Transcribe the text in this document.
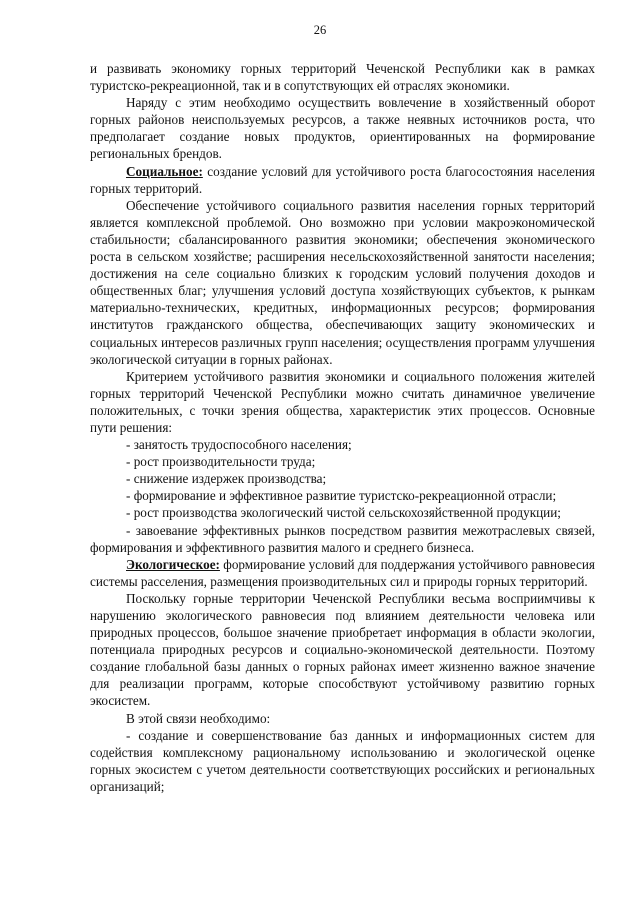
26

и развивать экономику горных территорий Чеченской Республики как в рамках туристско-рекреационной, так и в сопутствующих ей отраслях экономики.

Наряду с этим необходимо осуществить вовлечение в хозяйственный оборот горных районов неиспользуемых ресурсов, а также неявных источников роста, что предполагает создание новых продуктов, ориентированных на формирование региональных брендов.

Социальное: создание условий для устойчивого роста благосостояния населения горных территорий.

Обеспечение устойчивого социального развития населения горных территорий является комплексной проблемой. Оно возможно при условии макроэкономической стабильности; сбалансированного развития экономики; обеспечения экономического роста в сельском хозяйстве; расширения несельскохозяйственной занятости населения; достижения на селе социально близких к городским условий получения доходов и общественных благ; улучшения условий доступа хозяйствующих субъектов, к рынкам материально-технических, кредитных, информационных ресурсов; формирования институтов гражданского общества, обеспечивающих защиту экономических и социальных интересов различных групп населения; осуществления программ улучшения экологической ситуации в горных районах.

Критерием устойчивого развития экономики и социального положения жителей горных территорий Чеченской Республики можно считать динамичное увеличение положительных, с точки зрения общества, характеристик этих процессов. Основные пути решения:

- занятость трудоспособного населения;

- рост производительности труда;

- снижение издержек производства;

- формирование и эффективное развитие туристско-рекреационной отрасли;

- рост производства экологический чистой сельскохозяйственной продукции;

- завоевание эффективных рынков посредством развития межотраслевых связей, формирования и эффективного развития малого и среднего бизнеса.

Экологическое: формирование условий для поддержания устойчивого равновесия системы расселения, размещения производительных сил и природы горных территорий.

Поскольку горные территории Чеченской Республики весьма восприимчивы к нарушению экологического равновесия под влиянием деятельности человека или природных процессов, большое значение приобретает информация в области экологии, потенциала природных ресурсов и социально-экономической деятельности. Поэтому создание глобальной базы данных о горных районах имеет жизненно важное значение для реализации программ, которые способствуют устойчивому развитию горных экосистем.

В этой связи необходимо:

- создание и совершенствование баз данных и информационных систем для содействия комплексному рациональному использованию и экологической оценке горных экосистем с учетом деятельности соответствующих российских и региональных организаций;
